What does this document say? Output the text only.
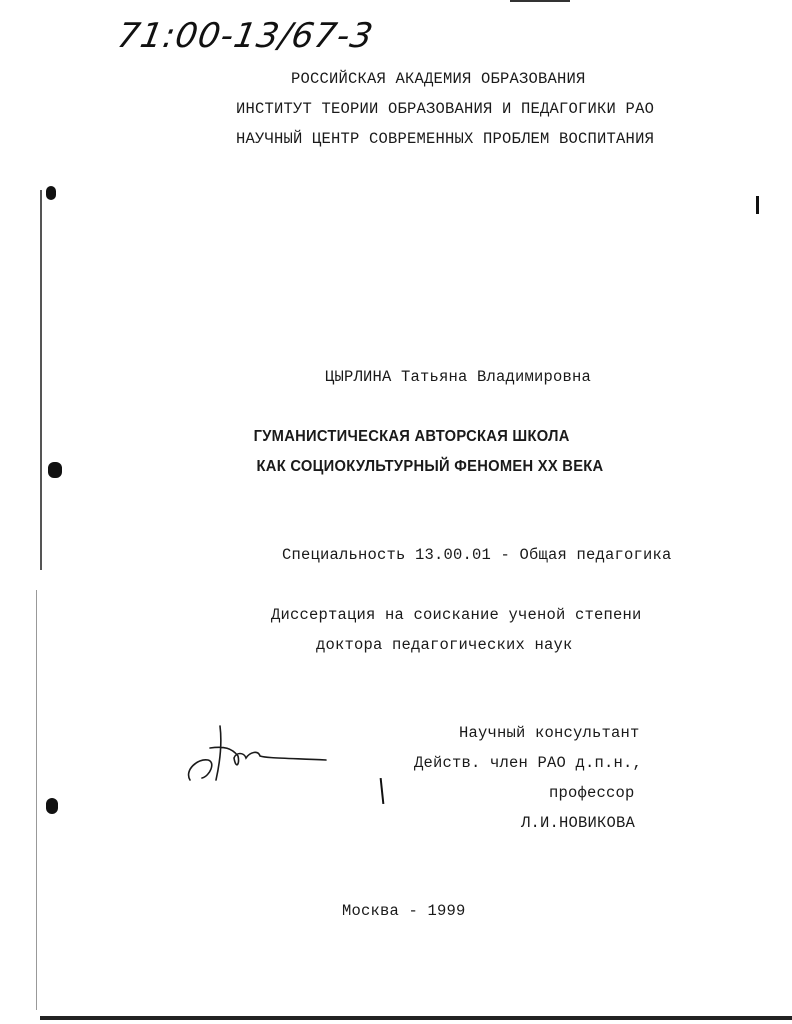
71:00-13/67-3
РОССИЙСКАЯ АКАДЕМИЯ ОБРАЗОВАНИЯ
ИНСТИТУТ ТЕОРИИ ОБРАЗОВАНИЯ И ПЕДАГОГИКИ РАО
НАУЧНЫЙ ЦЕНТР СОВРЕМЕННЫХ ПРОБЛЕМ ВОСПИТАНИЯ
ЦЫРЛИНА Татьяна Владимировна
ГУМАНИСТИЧЕСКАЯ АВТОРСКАЯ ШКОЛА
КАК СОЦИОКУЛЬТУРНЫЙ ФЕНОМЕН XX ВЕКА
Специальность 13.00.01 - Общая педагогика
Диссертация на соискание ученой степени
доктора педагогических наук
Научный консультант
Действ. член РАО д.п.н.,
профессор
Л.И.НОВИКОВА
Москва - 1999
